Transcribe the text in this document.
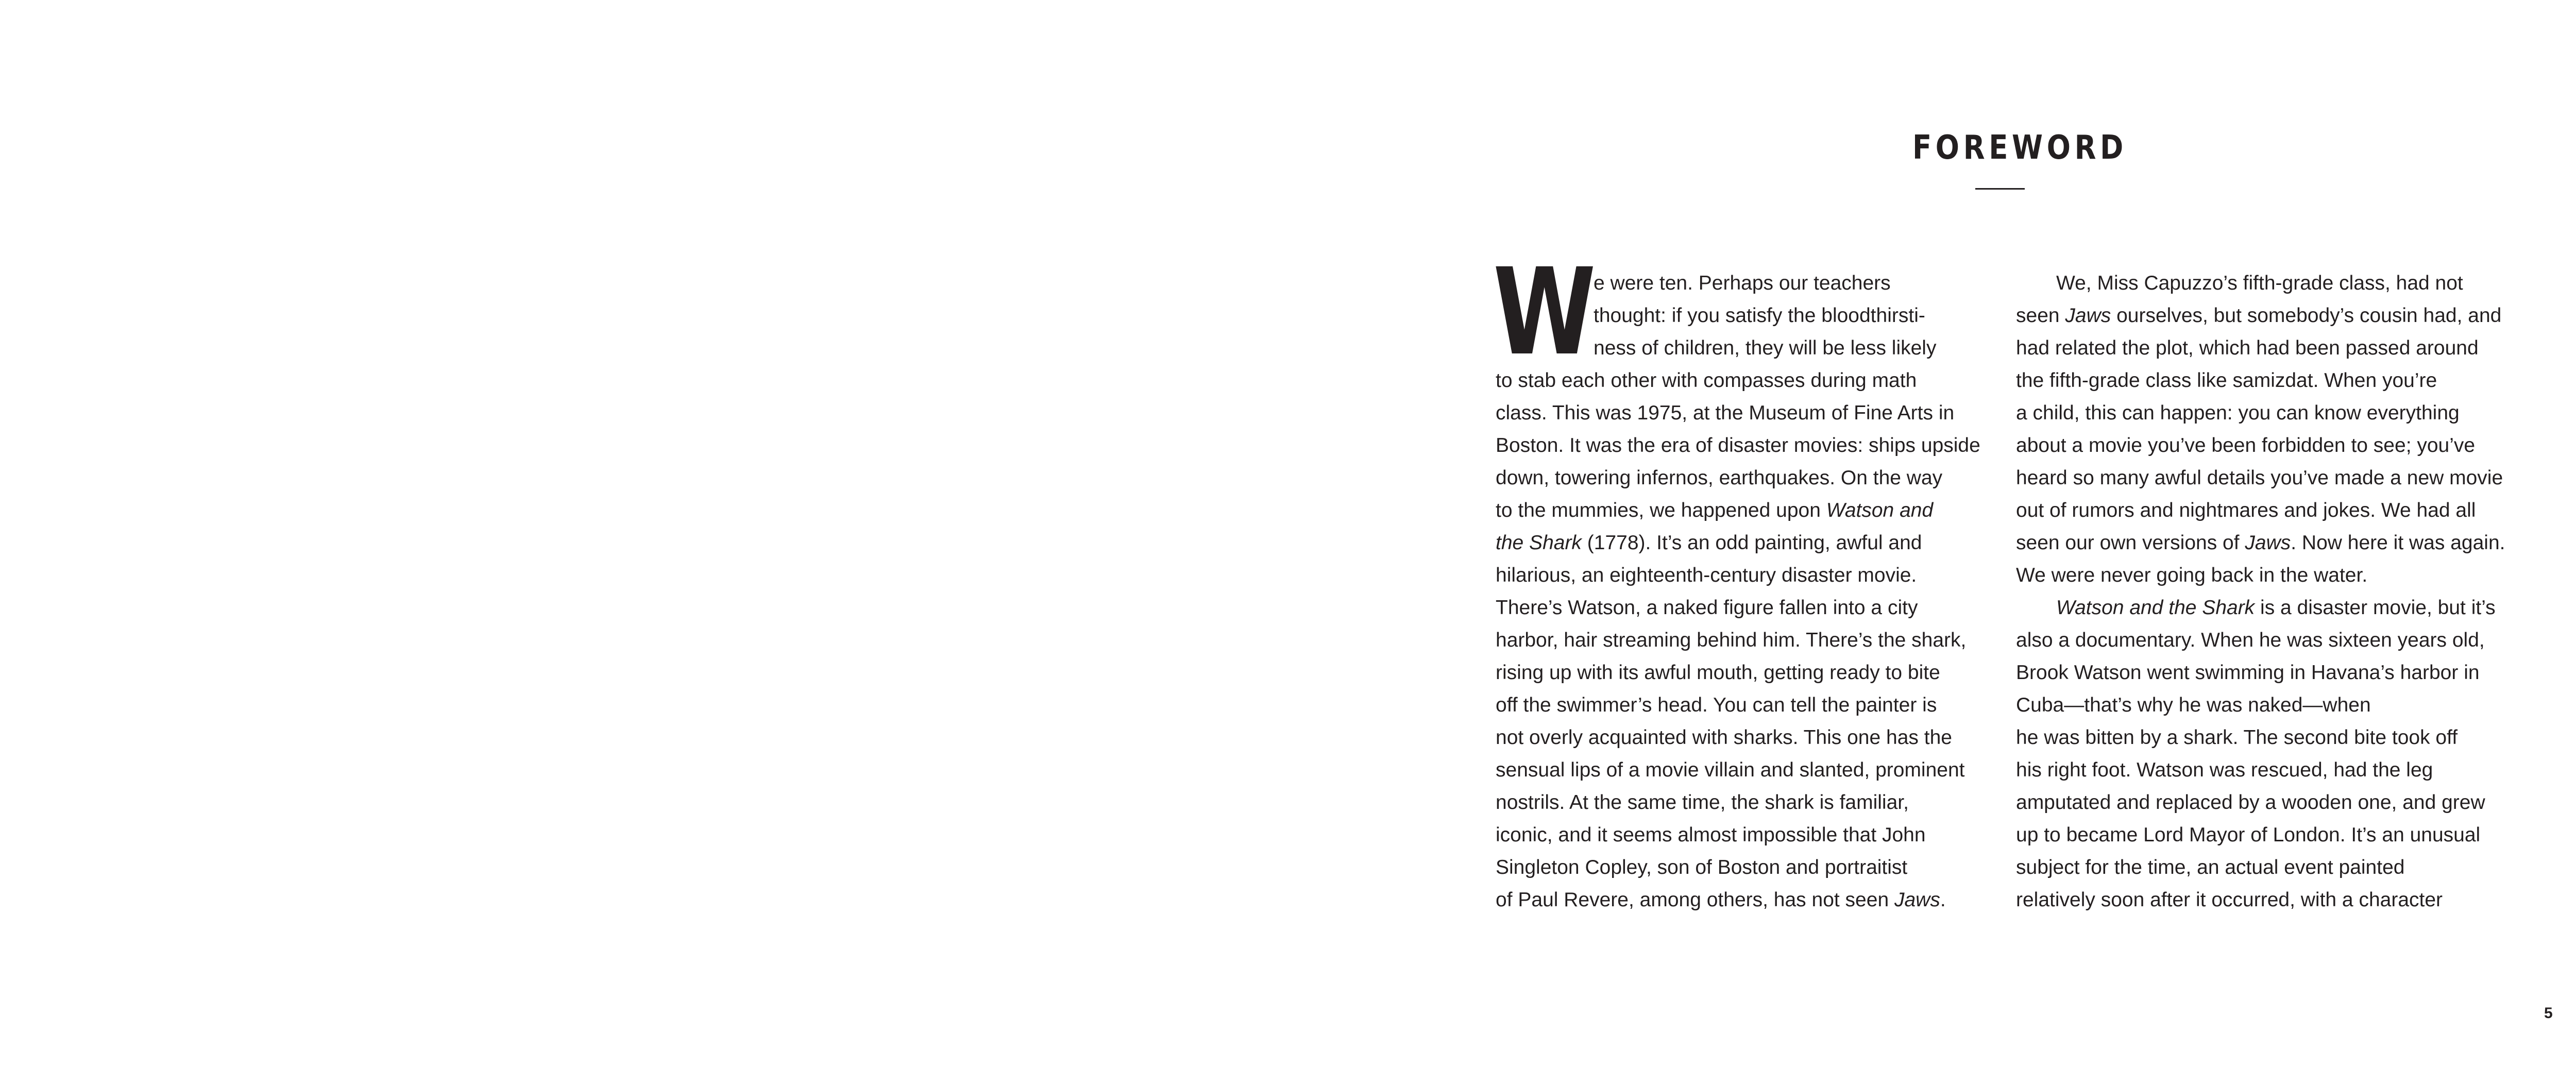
FOREWORD
W
e were ten. Perhaps our teachers
thought: if you satisfy the bloodthirsti-
ness of children, they will be less likely
to stab each other with compasses during math
class. This was 1975, at the Museum of Fine Arts in
Boston. It was the era of disaster movies: ships upside
down, towering infernos, earthquakes. On the way
to the mummies, we happened upon Watson and
the Shark (1778). It’s an odd painting, awful and
hilarious, an eighteenth-century disaster movie.
There’s Watson, a naked figure fallen into a city
harbor, hair streaming behind him. There’s the shark,
rising up with its awful mouth, getting ready to bite
off the swimmer’s head. You can tell the painter is
not overly acquainted with sharks. This one has the
sensual lips of a movie villain and slanted, prominent
nostrils. At the same time, the shark is familiar,
iconic, and it seems almost impossible that John
Singleton Copley, son of Boston and portraitist
of Paul Revere, among others, has not seen Jaws.
We, Miss Capuzzo’s fifth-grade class, had not
seen Jaws ourselves, but somebody’s cousin had, and
had related the plot, which had been passed around
the fifth-grade class like samizdat. When you’re
a child, this can happen: you can know everything
about a movie you’ve been forbidden to see; you’ve
heard so many awful details you’ve made a new movie
out of rumors and nightmares and jokes. We had all
seen our own versions of Jaws. Now here it was again.
We were never going back in the water.
Watson and the Shark is a disaster movie, but it’s
also a documentary. When he was sixteen years old,
Brook Watson went swimming in Havana’s harbor in
Cuba—that’s why he was naked—when
he was bitten by a shark. The second bite took off
his right foot. Watson was rescued, had the leg
amputated and replaced by a wooden one, and grew
up to became Lord Mayor of London. It’s an unusual
subject for the time, an actual event painted
relatively soon after it occurred, with a character
5
